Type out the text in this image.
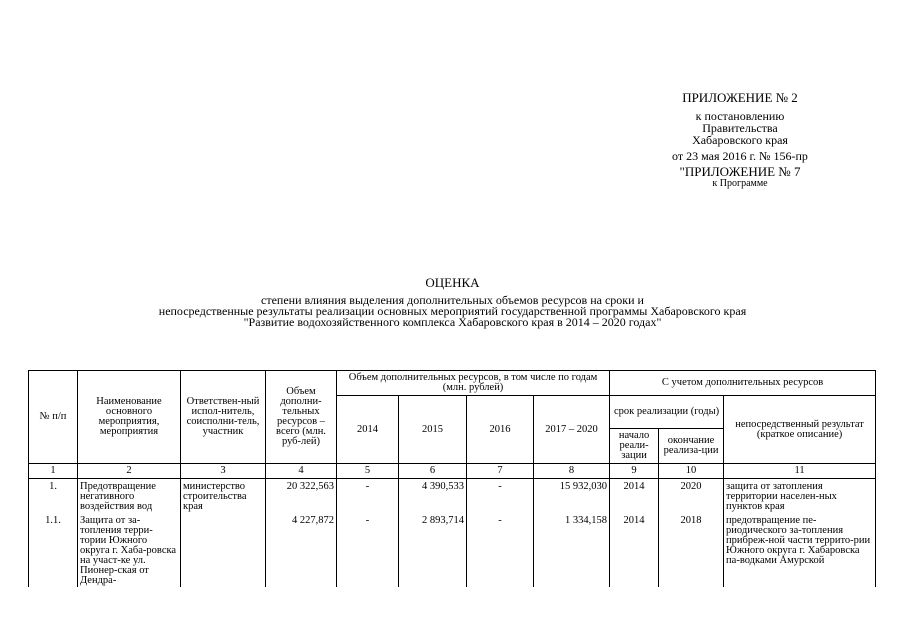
ПРИЛОЖЕНИЕ № 2
к постановлению
Правительства
Хабаровского края
от 23 мая 2016 г. № 156-пр
"ПРИЛОЖЕНИЕ № 7
к Программе
ОЦЕНКА
степени влияния выделения дополнительных объемов ресурсов на сроки и
непосредственные результаты реализации основных мероприятий государственной программы Хабаровского края
"Развитие водохозяйственного комплекса Хабаровского края в 2014 – 2020 годах"
№ п/п	Наименование основного мероприятия, мероприятия	Ответствен-ный испол-нитель, соисполни-тель, участник	Объем дополни-тельных ресурсов – всего (млн. руб-лей)	Объем дополнительных ресурсов, в том числе по годам (млн. рублей)				С учетом дополнительных ресурсов		
				2014	2015	2016	2017 – 2020	срок реализации (годы)		непосредственный результат (краткое описание)
								начало реали-зации	окончание реализа-ции	
1	2	3	4	5	6	7	8	9	10	11
1.	Предотвращение негативного воздействия вод	министерство строительства края	20 322,563	-	4 390,533	-	15 932,030	2014	2020	защита от затопления территории населен-ных пунктов края
1.1.	Защита от за-топления терри-тории Южного округа г. Хаба-ровска на участ-ке ул. Пионер-ская от Дендра-		4 227,872	-	2 893,714	-	1 334,158	2014	2018	предотвращение пе-риодического за-топления прибреж-ной части террито-рии Южного округа г. Хабаровска па-водками Амурской
